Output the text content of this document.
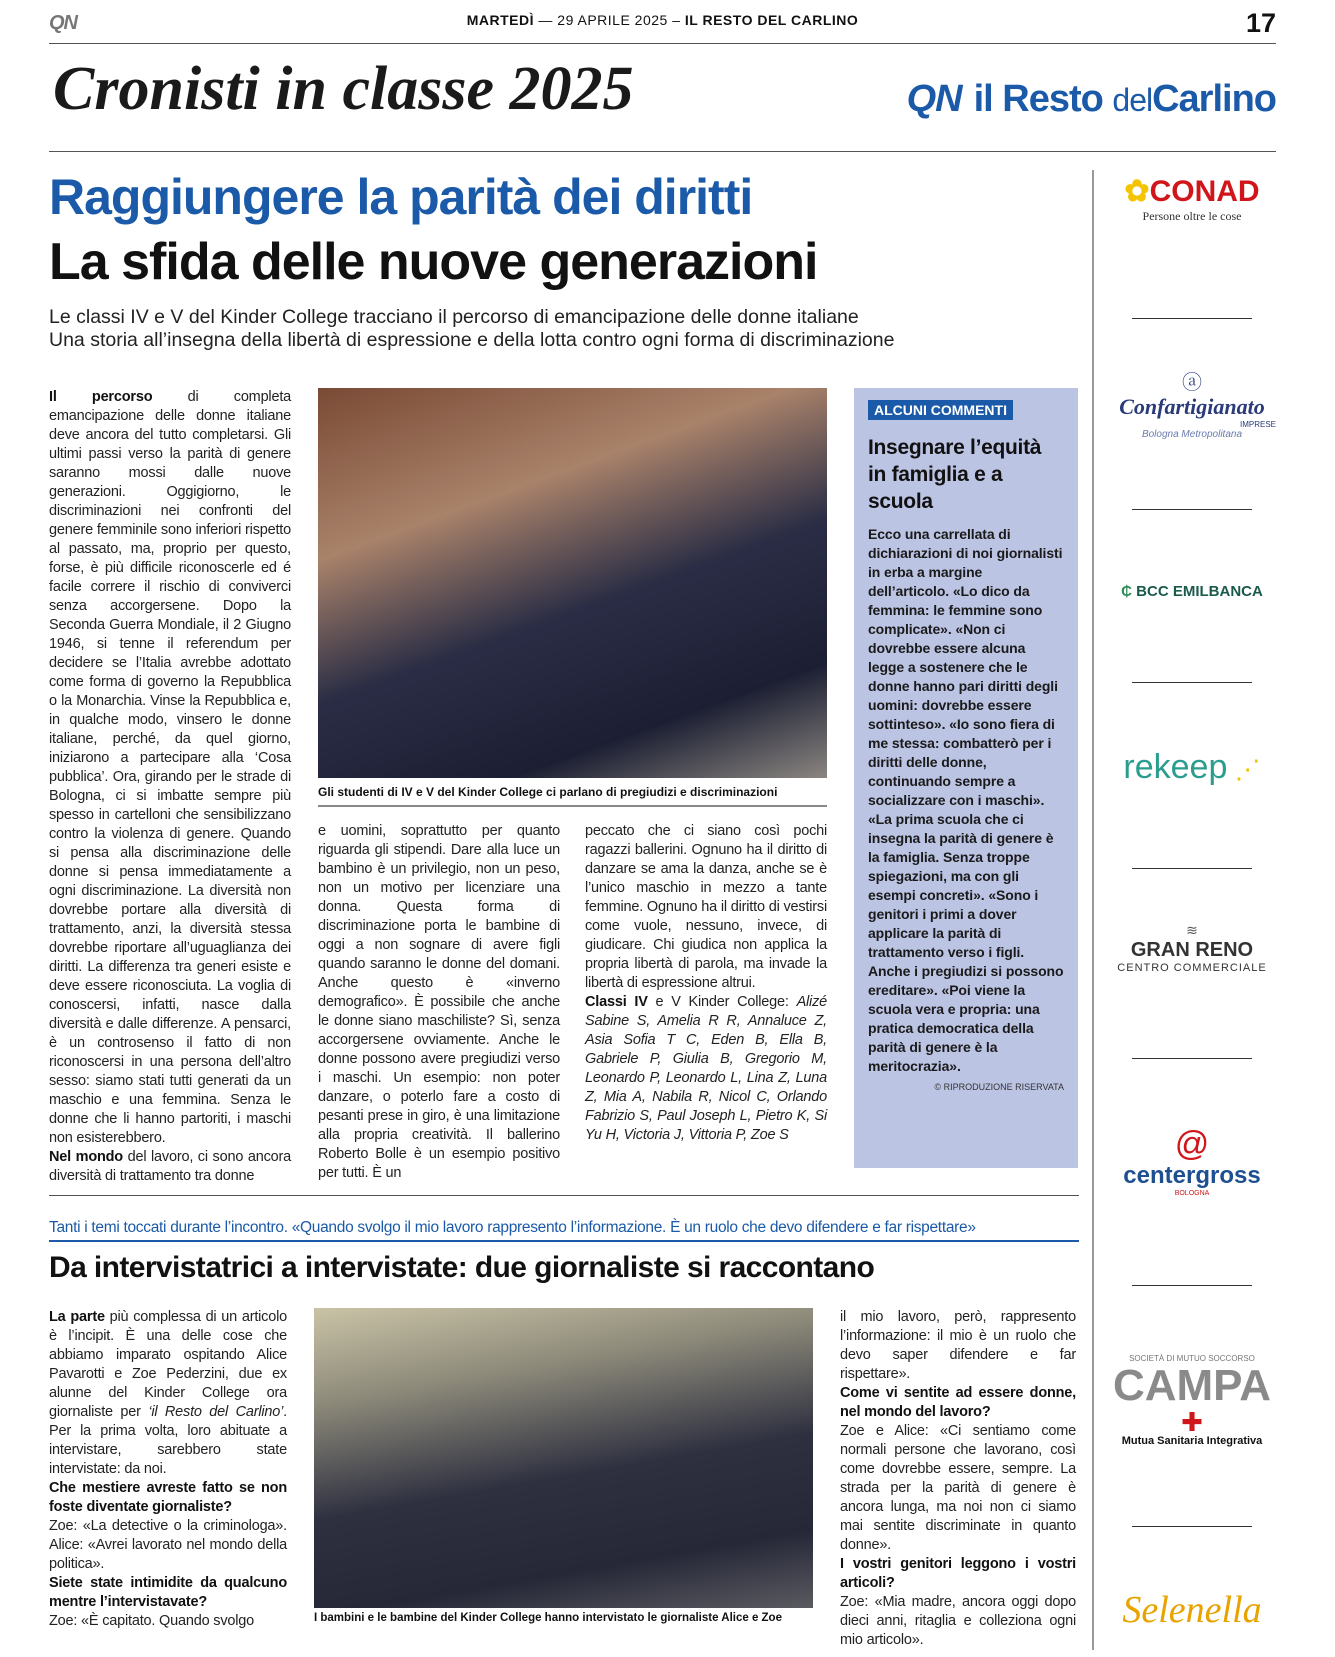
QN	MARTEDÌ — 29 APRILE 2025 – IL RESTO DEL CARLINO	17
Cronisti in classe 2025	QN il Resto delCarlino
Raggiungere la parità dei diritti
La sfida delle nuove generazioni
Le classi IV e V del Kinder College tracciano il percorso di emancipazione delle donne italiane
Una storia all’insegna della libertà di espressione e della lotta contro ogni forma di discriminazione

Il percorso di completa emancipazione delle donne italiane deve ancora del tutto completarsi. Gli ultimi passi verso la parità di genere saranno mossi dalle nuove generazioni. Oggigiorno, le discriminazioni nei confronti del genere femminile sono inferiori rispetto al passato, ma, proprio per questo, forse, è più difficile riconoscerle ed é facile correre il rischio di conviverci senza accorgersene. Dopo la Seconda Guerra Mondiale, il 2 Giugno 1946, si tenne il referendum per decidere se l’Italia avrebbe adottato come forma di governo la Repubblica o la Monarchia. Vinse la Repubblica e, in qualche modo, vinsero le donne italiane, perché, da quel giorno, iniziarono a partecipare alla ‘Cosa pubblica’. Ora, girando per le strade di Bologna, ci si imbatte sempre più spesso in cartelloni che sensibilizzano contro la violenza di genere. Quando si pensa alla discriminazione delle donne si pensa immediatamente a ogni discriminazione. La diversità non dovrebbe portare alla diversità di trattamento, anzi, la diversità stessa dovrebbe riportare all’uguaglianza dei diritti. La differenza tra generi esiste e deve essere riconosciuta. La voglia di conoscersi, infatti, nasce dalla diversità e dalle differenze. A pensarci, è un controsenso il fatto di non riconoscersi in una persona dell’altro sesso: siamo stati tutti generati da un maschio e una femmina. Senza le donne che li hanno partoriti, i maschi non esisterebbero.

Nel mondo del lavoro, ci sono ancora diversità di trattamento tra donne

Gli studenti di IV e V del Kinder College ci parlano di pregiudizi e discriminazioni

e uomini, soprattutto per quanto riguarda gli stipendi. Dare alla luce un bambino è un privilegio, non un peso, non un motivo per licenziare una donna. Questa forma di discriminazione porta le bambine di oggi a non sognare di avere figli quando saranno le donne del domani. Anche questo è «inverno demografico». È possibile che anche le donne siano maschiliste? Sì, senza accorgersene ovviamente. Anche le donne possono avere pregiudizi verso i maschi. Un esempio: non poter danzare, o poterlo fare a costo di pesanti prese in giro, è una limitazione alla propria creatività. Il ballerino Roberto Bolle è un esempio positivo per tutti. È un

peccato che ci siano così pochi ragazzi ballerini. Ognuno ha il diritto di danzare se ama la danza, anche se è l’unico maschio in mezzo a tante femmine. Ognuno ha il diritto di vestirsi come vuole, nessuno, invece, di giudicare. Chi giudica non applica la propria libertà di parola, ma invade la libertà di espressione altrui.

Classi IV e V Kinder College: Alizé Sabine S, Amelia R R, Annaluce Z, Asia Sofia T C, Eden B, Ella B, Gabriele P, Giulia B, Gregorio M, Leonardo P, Leonardo L, Lina Z, Luna Z, Mia A, Nabila R, Nicol C, Orlando Fabrizio S, Paul Joseph L, Pietro K, Si Yu H, Victoria J, Vittoria P, Zoe S

ALCUNI COMMENTI
Insegnare l’equità in famiglia e a scuola
Ecco una carrellata di dichiarazioni di noi giornalisti in erba a margine dell’articolo. «Lo dico da femmina: le femmine sono complicate». «Non ci dovrebbe essere alcuna legge a sostenere che le donne hanno pari diritti degli uomini: dovrebbe essere sottinteso». «Io sono fiera di me stessa: combatterò per i diritti delle donne, continuando sempre a socializzare con i maschi». «La prima scuola che ci insegna la parità di genere è la famiglia. Senza troppe spiegazioni, ma con gli esempi concreti». «Sono i genitori i primi a dover applicare la parità di trattamento verso i figli. Anche i pregiudizi si possono ereditare». «Poi viene la scuola vera e propria: una pratica democratica della parità di genere è la meritocrazia».
© RIPRODUZIONE RISERVATA
✿CONAD
Persone oltre le cose
ⓐ
Confartigianato
IMPRESE
Bologna Metropolitana
₵ BCC EMILBANCA
rekeep ⋰
≋
GRAN RENO
CENTRO COMMERCIALE
@
centergross
BOLOGNA
SOCIETÀ DI MUTUO SOCCORSO
CAMPA
✚
Mutua Sanitaria Integrativa
Selenella
Tanti i temi toccati durante l’incontro. «Quando svolgo il mio lavoro rappresento l’informazione. È un ruolo che devo difendere e far rispettare»
Da intervistatrici a intervistate: due giornaliste si raccontano

La parte più complessa di un articolo è l’incipit. È una delle cose che abbiamo imparato ospitando Alice Pavarotti e Zoe Pederzini, due ex alunne del Kinder College ora giornaliste per ‘il Resto del Carlino’. Per la prima volta, loro abituate a intervistare, sarebbero state intervistate: da noi.

Che mestiere avreste fatto se non foste diventate giornaliste?

Zoe: «La detective o la criminologa». Alice: «Avrei lavorato nel mondo della politica».

Siete state intimidite da qualcuno mentre l’intervistavate?

Zoe: «È capitato. Quando svolgo	I bambini e le bambine del Kinder College hanno intervistato le giornaliste Alice e Zoe

il mio lavoro, però, rappresento l’informazione: il mio è un ruolo che devo saper difendere e far rispettare».

Come vi sentite ad essere donne, nel mondo del lavoro?

Zoe e Alice: «Ci sentiamo come normali persone che lavorano, così come dovrebbe essere, sempre. La strada per la parità di genere è ancora lunga, ma noi non ci siamo mai sentite discriminate in quanto donne».

I vostri genitori leggono i vostri articoli?

Zoe: «Mia madre, ancora oggi dopo dieci anni, ritaglia e colleziona ogni mio articolo».
